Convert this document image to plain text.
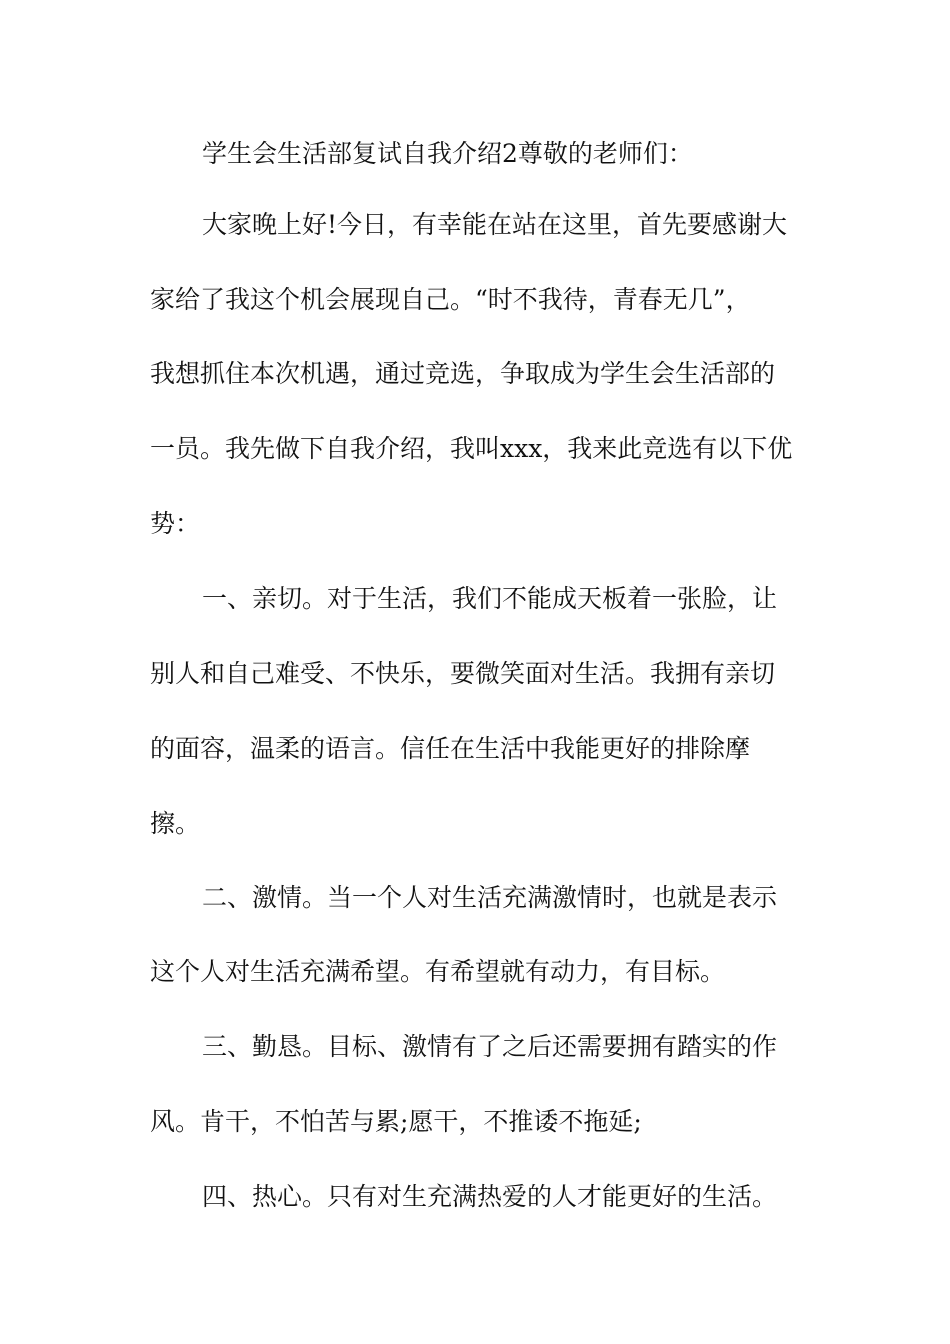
学生会生活部复试自我介绍2尊敬的老师们：
大家晚上好!今日，有幸能在站在这里，首先要感谢大
家给了我这个机会展现自己。“时不我待，青春无几”，
我想抓住本次机遇，通过竞选，争取成为学生会生活部的
一员。我先做下自我介绍，我叫xxx，我来此竞选有以下优
势：
一、亲切。对于生活，我们不能成天板着一张脸，让
别人和自己难受、不快乐，要微笑面对生活。我拥有亲切
的面容，温柔的语言。信任在生活中我能更好的排除摩
擦。
二、激情。当一个人对生活充满激情时，也就是表示
这个人对生活充满希望。有希望就有动力，有目标。
三、勤恳。目标、激情有了之后还需要拥有踏实的作
风。肯干，不怕苦与累;愿干，不推诿不拖延;
四、热心。只有对生充满热爱的人才能更好的生活。
